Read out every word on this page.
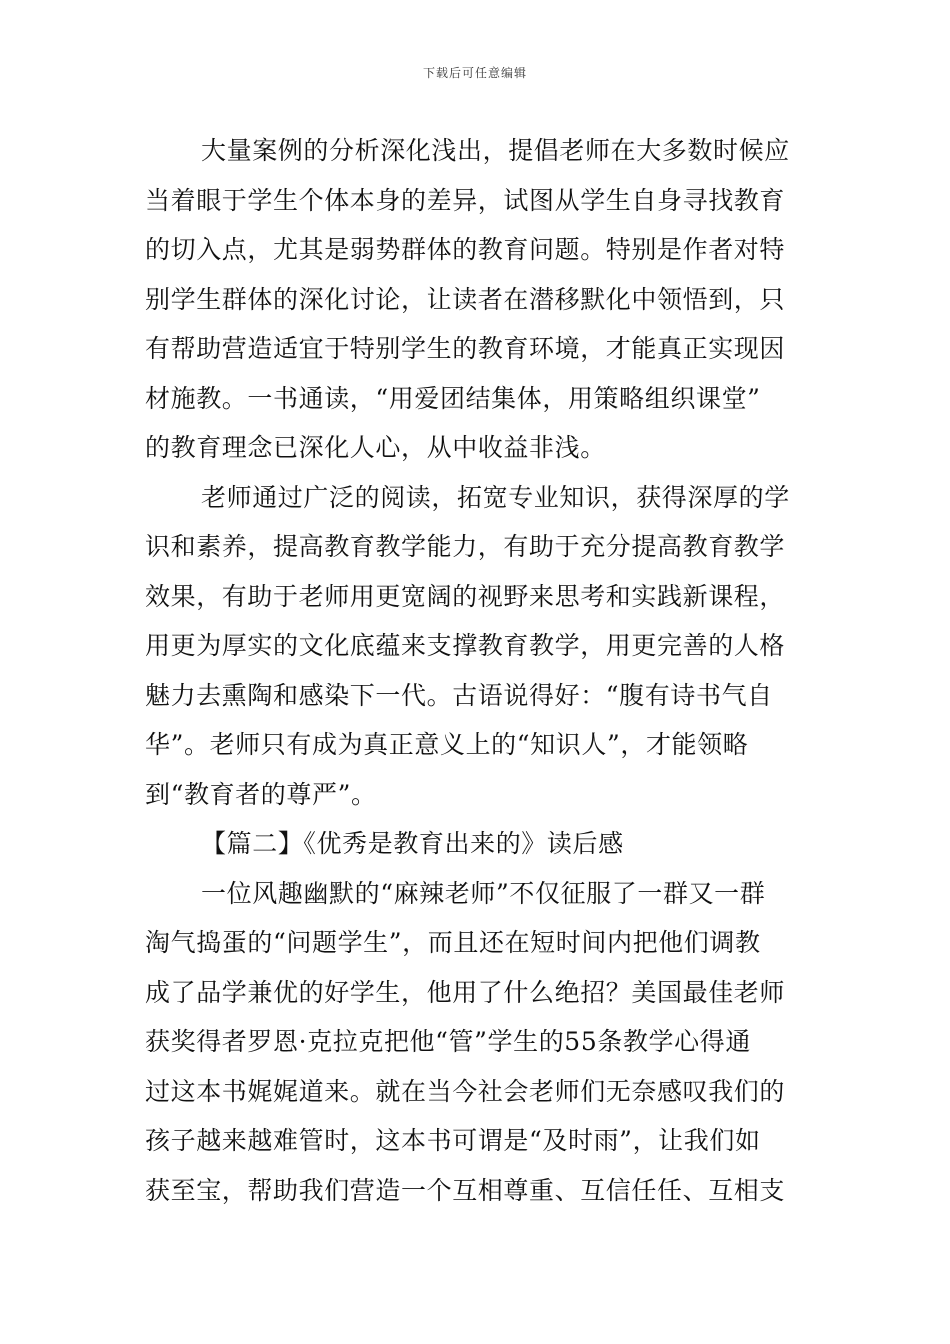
下载后可任意编辑
大量案例的分析深化浅出，提倡老师在大多数时候应
当着眼于学生个体本身的差异，试图从学生自身寻找教育
的切入点，尤其是弱势群体的教育问题。特别是作者对特
别学生群体的深化讨论，让读者在潜移默化中领悟到，只
有帮助营造适宜于特别学生的教育环境，才能真正实现因
材施教。一书通读，“用爱团结集体，用策略组织课堂”
的教育理念已深化人心，从中收益非浅。
老师通过广泛的阅读，拓宽专业知识，获得深厚的学
识和素养，提高教育教学能力，有助于充分提高教育教学
效果，有助于老师用更宽阔的视野来思考和实践新课程，
用更为厚实的文化底蕴来支撑教育教学，用更完善的人格
魅力去熏陶和感染下一代。古语说得好：“腹有诗书气自
华”。老师只有成为真正意义上的“知识人”，才能领略
到“教育者的尊严”。
【篇二】《优秀是教育出来的》读后感
一位风趣幽默的“麻辣老师”不仅征服了一群又一群
淘气捣蛋的“问题学生”，而且还在短时间内把他们调教
成了品学兼优的好学生，他用了什么绝招？美国最佳老师
获奖得者罗恩·克拉克把他“管”学生的55条教学心得通
过这本书娓娓道来。就在当今社会老师们无奈感叹我们的
孩子越来越难管时，这本书可谓是“及时雨”，让我们如
获至宝，帮助我们营造一个互相尊重、互信任任、互相支
